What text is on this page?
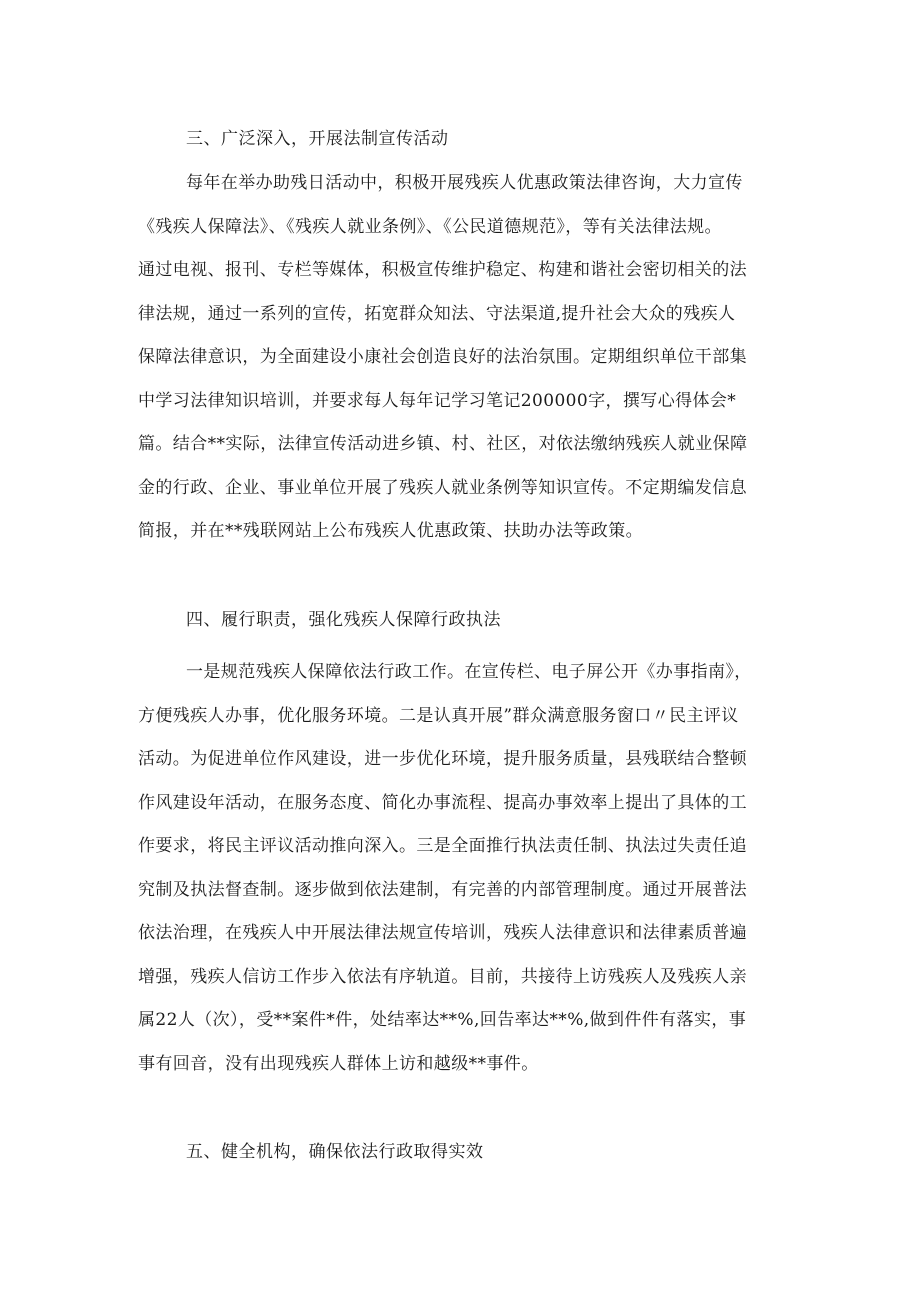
三、广泛深入，开展法制宣传活动
每年在举办助残日活动中，积极开展残疾人优惠政策法律咨询，大力宣传
《残疾人保障法》、《残疾人就业条例》、《公民道德规范》，等有关法律法规。
通过电视、报刊、专栏等媒体，积极宣传维护稳定、构建和谐社会密切相关的法
律法规，通过一系列的宣传，拓宽群众知法、守法渠道,提升社会大众的残疾人
保障法律意识，为全面建设小康社会创造良好的法治氛围。定期组织单位干部集
中学习法律知识培训，并要求每人每年记学习笔记200000字，撰写心得体会*
篇。结合**实际，法律宣传活动进乡镇、村、社区，对依法缴纳残疾人就业保障
金的行政、企业、事业单位开展了残疾人就业条例等知识宣传。不定期编发信息
简报，并在**残联网站上公布残疾人优惠政策、扶助办法等政策。
四、履行职责，强化残疾人保障行政执法
一是规范残疾人保障依法行政工作。在宣传栏、电子屏公开《办事指南》，
方便残疾人办事，优化服务环境。二是认真开展”群众满意服务窗口〃民主评议
活动。为促进单位作风建设，进一步优化环境，提升服务质量，县残联结合整顿
作风建设年活动，在服务态度、简化办事流程、提高办事效率上提出了具体的工
作要求，将民主评议活动推向深入。三是全面推行执法责任制、执法过失责任追
究制及执法督查制。逐步做到依法建制，有完善的内部管理制度。通过开展普法
依法治理，在残疾人中开展法律法规宣传培训，残疾人法律意识和法律素质普遍
增强，残疾人信访工作步入依法有序轨道。目前，共接待上访残疾人及残疾人亲
属22人（次），受**案件*件，处结率达**%,回告率达**%,做到件件有落实，事
事有回音，没有出现残疾人群体上访和越级**事件。
五、健全机构，确保依法行政取得实效
